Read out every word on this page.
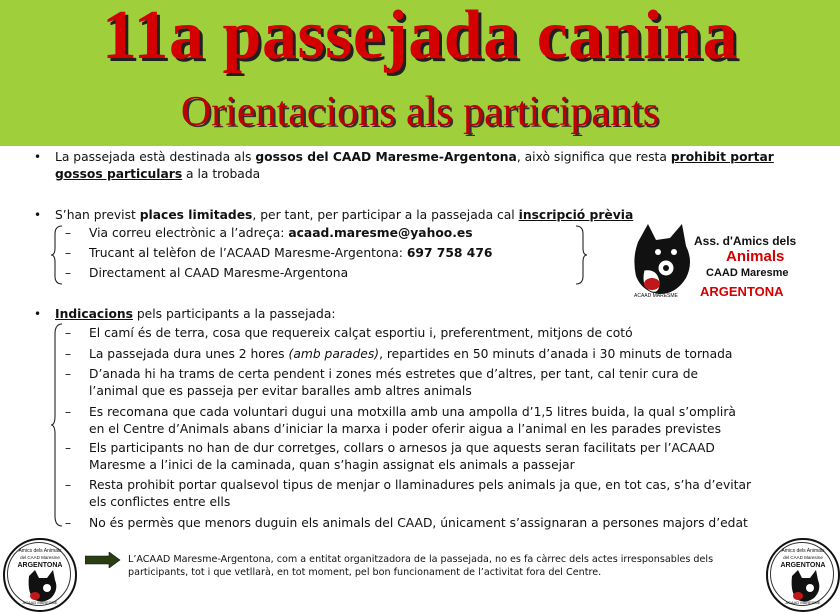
11a passejada canina
Orientacions als participants
• La passejada està destinada als gossos del CAAD Maresme-Argentona, això significa que resta prohibit portar
gossos particulars a la trobada
• S’han previst places limitades, per tant, per participar a la passejada cal inscripció prèvia
– Via correu electrònic a l’adreça: acaad.maresme@yahoo.es
– Trucant al telèfon de l’ACAAD Maresme-Argentona: 697 758 476
– Directament al CAAD Maresme-Argentona
Ass. d'Amics dels
Animals
CAAD Maresme
ARGENTONA
ACAAD MARESME
• Indicacions pels participants a la passejada:
– El camí és de terra, cosa que requereix calçat esportiu i, preferentment, mitjons de cotó
– La passejada dura unes 2 hores (amb parades), repartides en 50 minuts d’anada i 30 minuts de tornada
– D’anada hi ha trams de certa pendent i zones més estretes que d’altres, per tant, cal tenir cura de
l’animal que es passeja per evitar baralles amb altres animals
– Es recomana que cada voluntari dugui una motxilla amb una ampolla d’1,5 litres buida, la qual s’omplirà
en el Centre d’Animals abans d’iniciar la marxa i poder oferir aigua a l’animal en les parades previstes
– Els participants no han de dur corretges, collars o arnesos ja que aquests seran facilitats per l’ACAAD
Maresme a l’inici de la caminada, quan s’hagin assignat els animals a passejar
– Resta prohibit portar qualsevol tipus de menjar o llaminadures pels animals ja que, en tot cas, s’ha d’evitar
els conflictes entre ells
– No és permès que menors duguin els animals del CAAD, únicament s’assignaran a persones majors d’edat
Amics dels Animals
del CAAD Maresme
ARGENTONA
ACAAD MARESME
Amics dels Animals
del CAAD Maresme
ARGENTONA
ACAAD MARESME
L’ACAAD Maresme-Argentona, com a entitat organitzadora de la passejada, no es fa càrrec dels actes irresponsables dels participants, tot i que vetllarà, en tot moment, pel bon funcionament de l’activitat fora del Centre.
